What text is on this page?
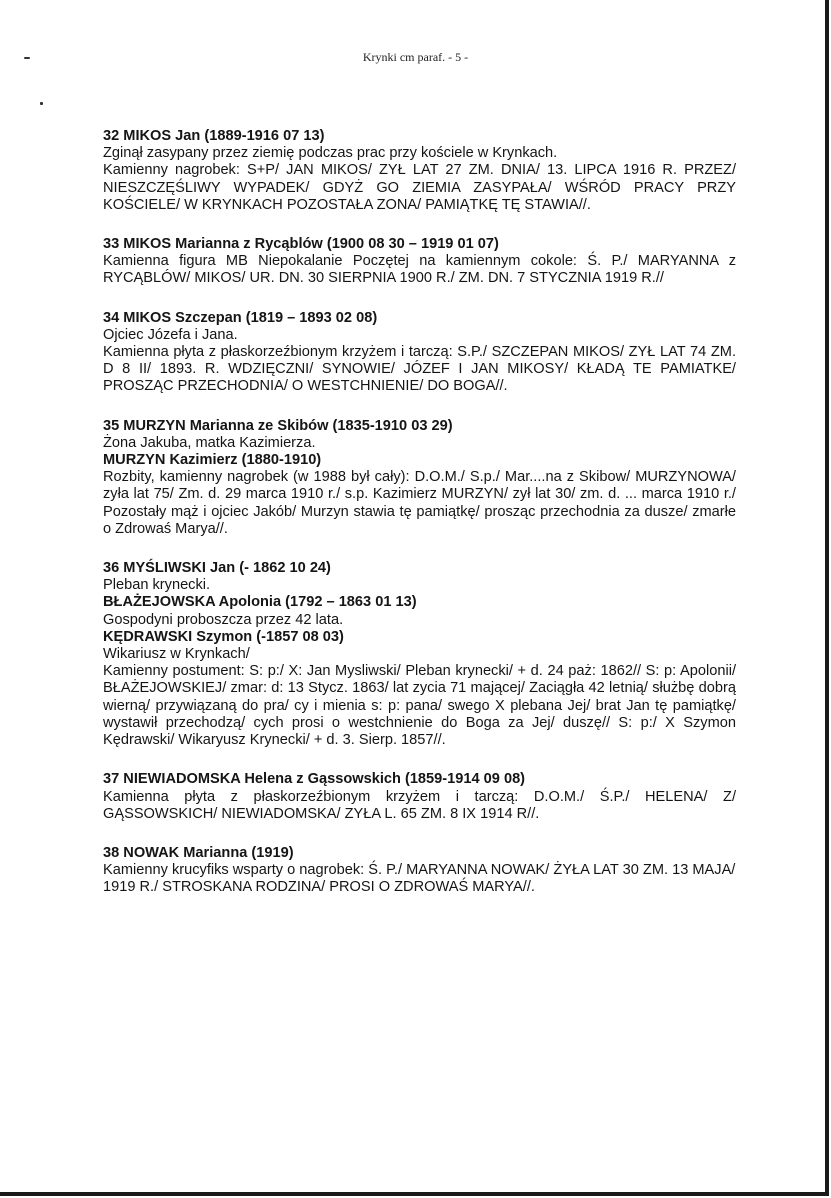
Krynki cm paraf. - 5 -

32 MIKOS Jan (1889-1916 07 13)

Zginął zasypany przez ziemię podczas prac przy kościele w Krynkach.

Kamienny nagrobek: S+P/ JAN MIKOS/ ZYŁ LAT 27 ZM. DNIA/ 13. LIPCA 1916 R. PRZEZ/ NIESZCZĘŚLIWY WYPADEK/ GDYŻ GO ZIEMIA ZASYPAŁA/ WŚRÓD PRACY PRZY KOŚCIELE/ W KRYNKACH POZOSTAŁA ZONA/ PAMIĄTKĘ TĘ STAWIA//.

33 MIKOS Marianna z Rycąblów (1900 08 30 – 1919 01 07)

Kamienna figura MB Niepokalanie Poczętej na kamiennym cokole: Ś. P./ MARYANNA z RYCĄBLÓW/ MIKOS/ UR. DN. 30 SIERPNIA 1900 R./ ZM. DN. 7 STYCZNIA 1919 R.//

34 MIKOS Szczepan (1819 – 1893 02 08)

Ojciec Józefa i Jana.

Kamienna płyta z płaskorzeźbionym krzyżem i tarczą: S.P./ SZCZEPAN MIKOS/ ZYŁ LAT 74 ZM. D 8 II/ 1893. R. WDZIĘCZNI/ SYNOWIE/ JÓZEF I JAN MIKOSY/ KŁADĄ TE PAMIATKE/ PROSZĄC PRZECHODNIA/ O WESTCHNIENIE/ DO BOGA//.

35 MURZYN Marianna ze Skibów (1835-1910 03 29)

Żona Jakuba, matka Kazimierza.

MURZYN Kazimierz (1880-1910)

Rozbity, kamienny nagrobek (w 1988 był cały): D.O.M./ S.p./ Mar....na z Skibow/ MURZYNOWA/ zyła lat 75/ Zm. d. 29 marca 1910 r./ s.p. Kazimierz MURZYN/ zył lat 30/ zm. d. ... marca 1910 r./ Pozostały mąż i ojciec Jakób/ Murzyn stawia tę pamiątkę/ prosząc przechodnia za dusze/ zmarłe o Zdrowaś Marya//.

36 MYŚLIWSKI Jan (- 1862 10 24)

Pleban krynecki.

BŁAŻEJOWSKA Apolonia (1792 – 1863 01 13)

Gospodyni proboszcza przez 42 lata.

KĘDRAWSKI Szymon (-1857 08 03)

Wikariusz w Krynkach/

Kamienny postument: S: p:/ X: Jan Mysliwski/ Pleban krynecki/ + d. 24 paż: 1862// S: p: Apolonii/ BŁAŻEJOWSKIEJ/ zmar: d: 13 Stycz. 1863/ lat zycia 71 mającej/ Zaciągła 42 letnią/ służbę dobrą wierną/ przywiązaną do pra/ cy i mienia s: p: pana/ swego X plebana Jej/ brat Jan tę pamiątkę/ wystawił przechodzą/ cych prosi o westchnienie do Boga za Jej/ duszę// S: p:/ X Szymon Kędrawski/ Wikaryusz Krynecki/ + d. 3. Sierp. 1857//.

37 NIEWIADOMSKA Helena z Gąssowskich (1859-1914 09 08)

Kamienna płyta z płaskorzeźbionym krzyżem i tarczą: D.O.M./ Ś.P./ HELENA/ Z/ GĄSSOWSKICH/ NIEWIADOMSKA/ ZYŁA L. 65 ZM. 8 IX 1914 R//.

38 NOWAK Marianna (1919)

Kamienny krucyfiks wsparty o nagrobek: Ś. P./ MARYANNA NOWAK/ ŻYŁA LAT 30 ZM. 13 MAJA/ 1919 R./ STROSKANA RODZINA/ PROSI O ZDROWAŚ MARYA//.
